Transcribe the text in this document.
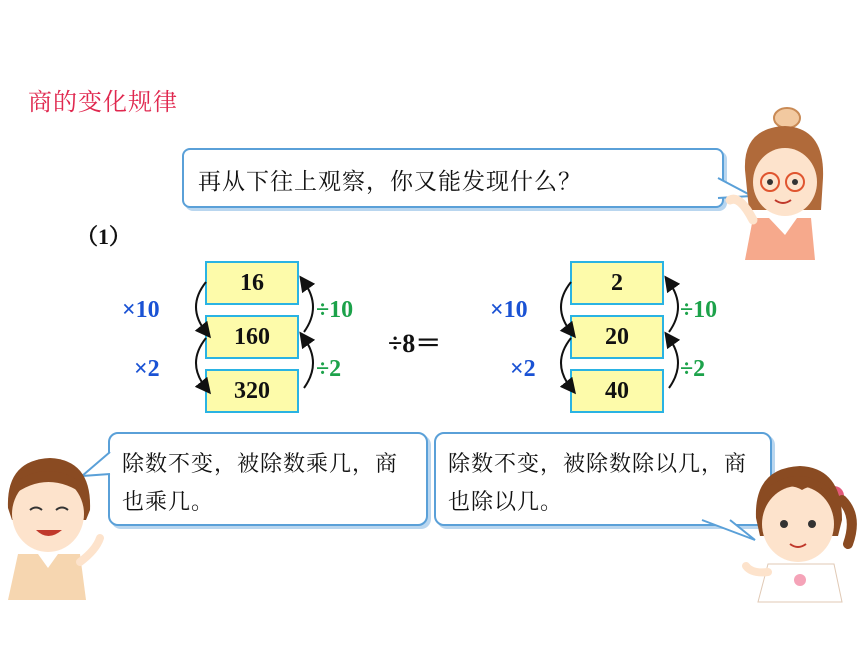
商的变化规律
再从下往上观察，你又能发现什么？
（1）
16
160
320
×10
×2
÷10
÷2
÷8＝
2
20
40
×10
×2
÷10
÷2
除数不变，被除数乘几，商也乘几。
除数不变，被除数除以几，商也除以几。
